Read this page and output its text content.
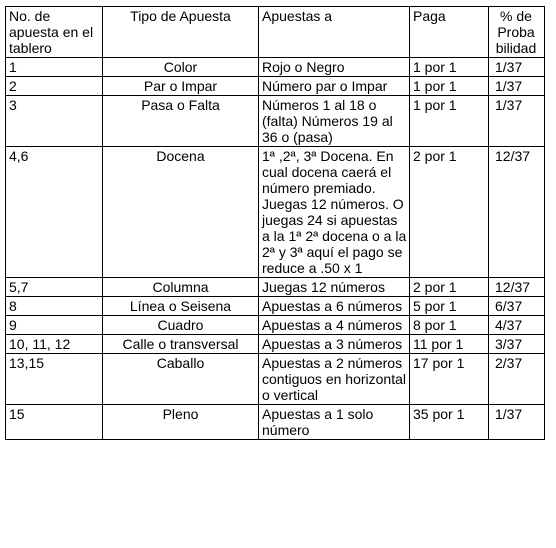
No. de apuesta en el tablero	Tipo de Apuesta	Apuestas a	Paga	% de Proba bilidad
1	Color	Rojo o Negro	1 por 1	1/37
2	Par o Impar	Número par o Impar	1 por 1	1/37
3	Pasa o Falta	Números 1 al 18 o (falta) Números 19 al 36 o (pasa)	1 por 1	1/37
4,6	Docena	1ª ,2ª, 3ª Docena. En cual docena caerá el número premiado. Juegas 12 números. O juegas 24 si apuestas a la 1ª 2ª docena o a la 2ª y 3ª aquí el pago se reduce a .50 x 1	2 por 1	12/37
5,7	Columna	Juegas 12 números	2 por 1	12/37
8	Línea o Seisena	Apuestas a 6 números	5 por 1	6/37
9	Cuadro	Apuestas a 4 números	8 por 1	4/37
10, 11, 12	Calle o transversal	Apuestas a 3 números	11 por 1	3/37
13,15	Caballo	Apuestas a 2 números contiguos en horizontal o vertical	17 por 1	2/37
15	Pleno	Apuestas a 1 solo número	35 por 1	1/37
